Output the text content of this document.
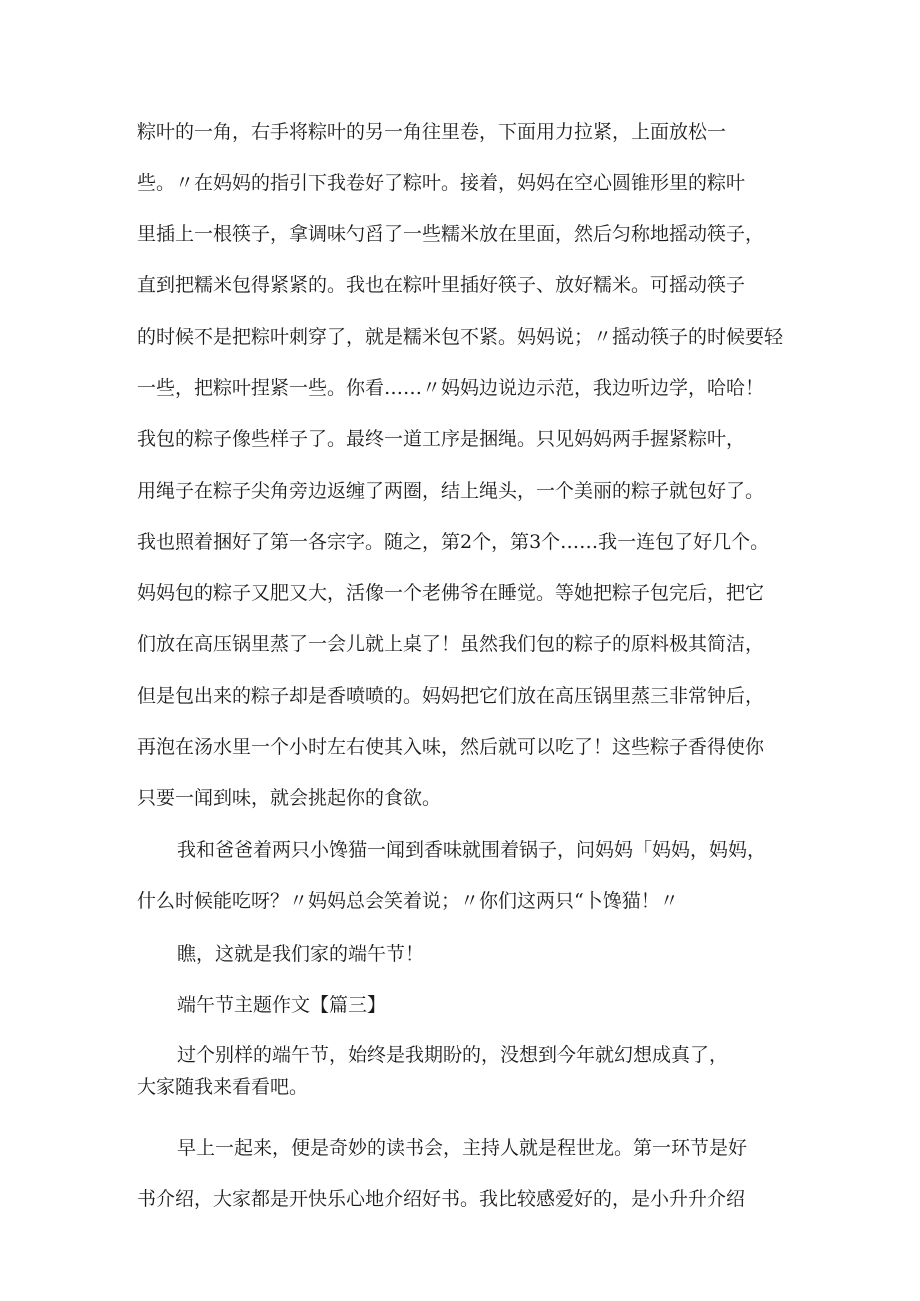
粽叶的一角，右手将粽叶的另一角往里卷，下面用力拉紧，上面放松一
些。〃在妈妈的指引下我卷好了粽叶。接着，妈妈在空心圆锥形里的粽叶
里插上一根筷子，拿调味勺舀了一些糯米放在里面，然后匀称地摇动筷子，
直到把糯米包得紧紧的。我也在粽叶里插好筷子、放好糯米。可摇动筷子
的时候不是把粽叶刺穿了，就是糯米包不紧。妈妈说；〃摇动筷子的时候要轻
一些，把粽叶捏紧一些。你看……〃妈妈边说边示范，我边听边学，哈哈！
我包的粽子像些样子了。最终一道工序是捆绳。只见妈妈两手握紧粽叶，
用绳子在粽子尖角旁边返缠了两圈，结上绳头，一个美丽的粽子就包好了。
我也照着捆好了第一各宗字。随之，第2个，第3个……我一连包了好几个。
妈妈包的粽子又肥又大，活像一个老佛爷在睡觉。等她把粽子包完后，把它
们放在高压锅里蒸了一会儿就上桌了！虽然我们包的粽子的原料极其简洁，
但是包出来的粽子却是香喷喷的。妈妈把它们放在高压锅里蒸三非常钟后，
再泡在汤水里一个小时左右使其入味，然后就可以吃了！这些粽子香得使你
只要一闻到味，就会挑起你的食欲。
我和爸爸着两只小馋猫一闻到香味就围着锅子，问妈妈「妈妈，妈妈，
什么时候能吃呀？〃妈妈总会笑着说；〃你们这两只“卜馋猫！〃
瞧，这就是我们家的端午节！
端午节主题作文【篇三】
过个别样的端午节，始终是我期盼的，没想到今年就幻想成真了，
大家随我来看看吧。
早上一起来，便是奇妙的读书会，主持人就是程世龙。第一环节是好
书介绍，大家都是开快乐心地介绍好书。我比较感爱好的，是小升升介绍
